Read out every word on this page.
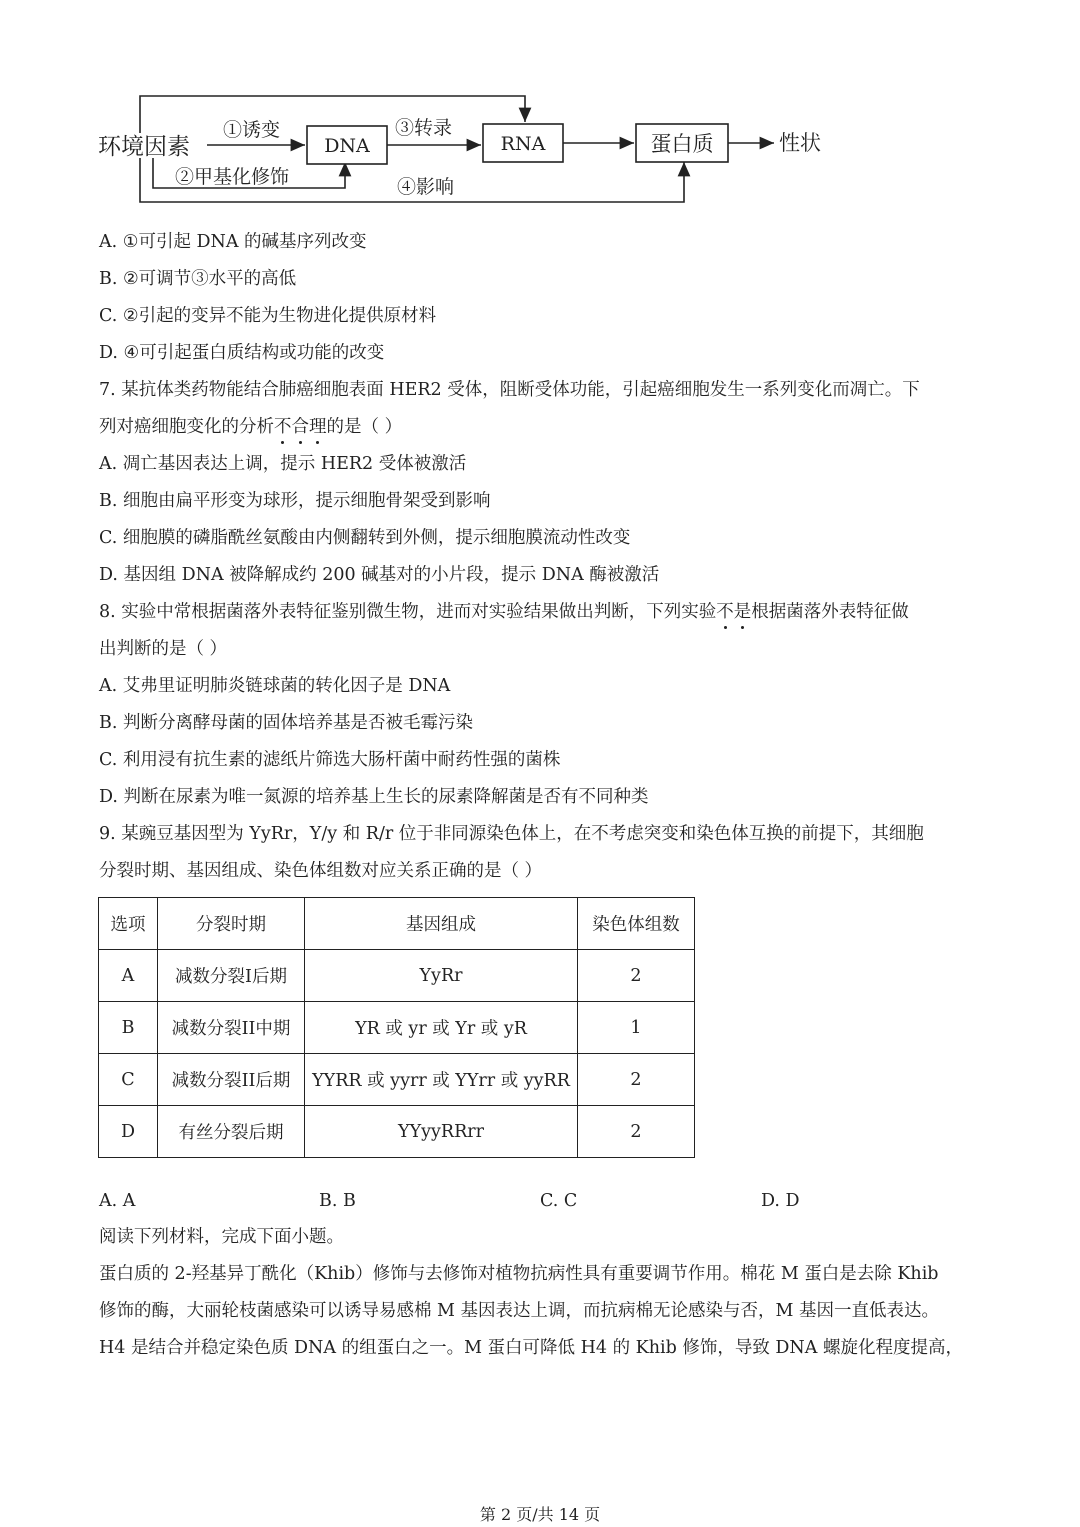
环境因素	DNA	RNA	蛋白质	性状
①诱变
②甲基化修饰
③转录
④影响
A. ①可引起 DNA 的碱基序列改变
B. ②可调节③水平的高低
C. ②引起的变异不能为生物进化提供原材料
D. ④可引起蛋白质结构或功能的改变
7. 某抗体类药物能结合肺癌细胞表面 HER2 受体，阻断受体功能，引起癌细胞发生一系列变化而凋亡。下
列对癌细胞变化的分析不合理的是（ ）
A. 凋亡基因表达上调，提示 HER2 受体被激活
B. 细胞由扁平形变为球形，提示细胞骨架受到影响
C. 细胞膜的磷脂酰丝氨酸由内侧翻转到外侧，提示细胞膜流动性改变
D. 基因组 DNA 被降解成约 200 碱基对的小片段，提示 DNA 酶被激活
8. 实验中常根据菌落外表特征鉴别微生物，进而对实验结果做出判断，下列实验不是根据菌落外表特征做
出判断的是（ ）
A. 艾弗里证明肺炎链球菌的转化因子是 DNA
B. 判断分离酵母菌的固体培养基是否被毛霉污染
C. 利用浸有抗生素的滤纸片筛选大肠杆菌中耐药性强的菌株
D. 判断在尿素为唯一氮源的培养基上生长的尿素降解菌是否有不同种类
9. 某豌豆基因型为 YyRr，Y/y 和 R/r 位于非同源染色体上，在不考虑突变和染色体互换的前提下，其细胞
分裂时期、基因组成、染色体组数对应关系正确的是（ ）
选项	分裂时期	基因组成	染色体组数
A	减数分裂I后期	YyRr	2
B	减数分裂II中期	YR 或 yr 或 Yr 或 yR	1
C	减数分裂II后期	YYRR 或 yyrr 或 YYrr 或 yyRR	2
D	有丝分裂后期	YYyyRRrr	2
A. A	B. B	C. C	D. D
阅读下列材料，完成下面小题。
蛋白质的 2-羟基异丁酰化（Khib）修饰与去修饰对植物抗病性具有重要调节作用。棉花 M 蛋白是去除 Khib
修饰的酶，大丽轮枝菌感染可以诱导易感棉 M 基因表达上调，而抗病棉无论感染与否，M 基因一直低表达。
H4 是结合并稳定染色质 DNA 的组蛋白之一。M 蛋白可降低 H4 的 Khib 修饰，导致 DNA 螺旋化程度提高，
第 2 页/共 14 页
